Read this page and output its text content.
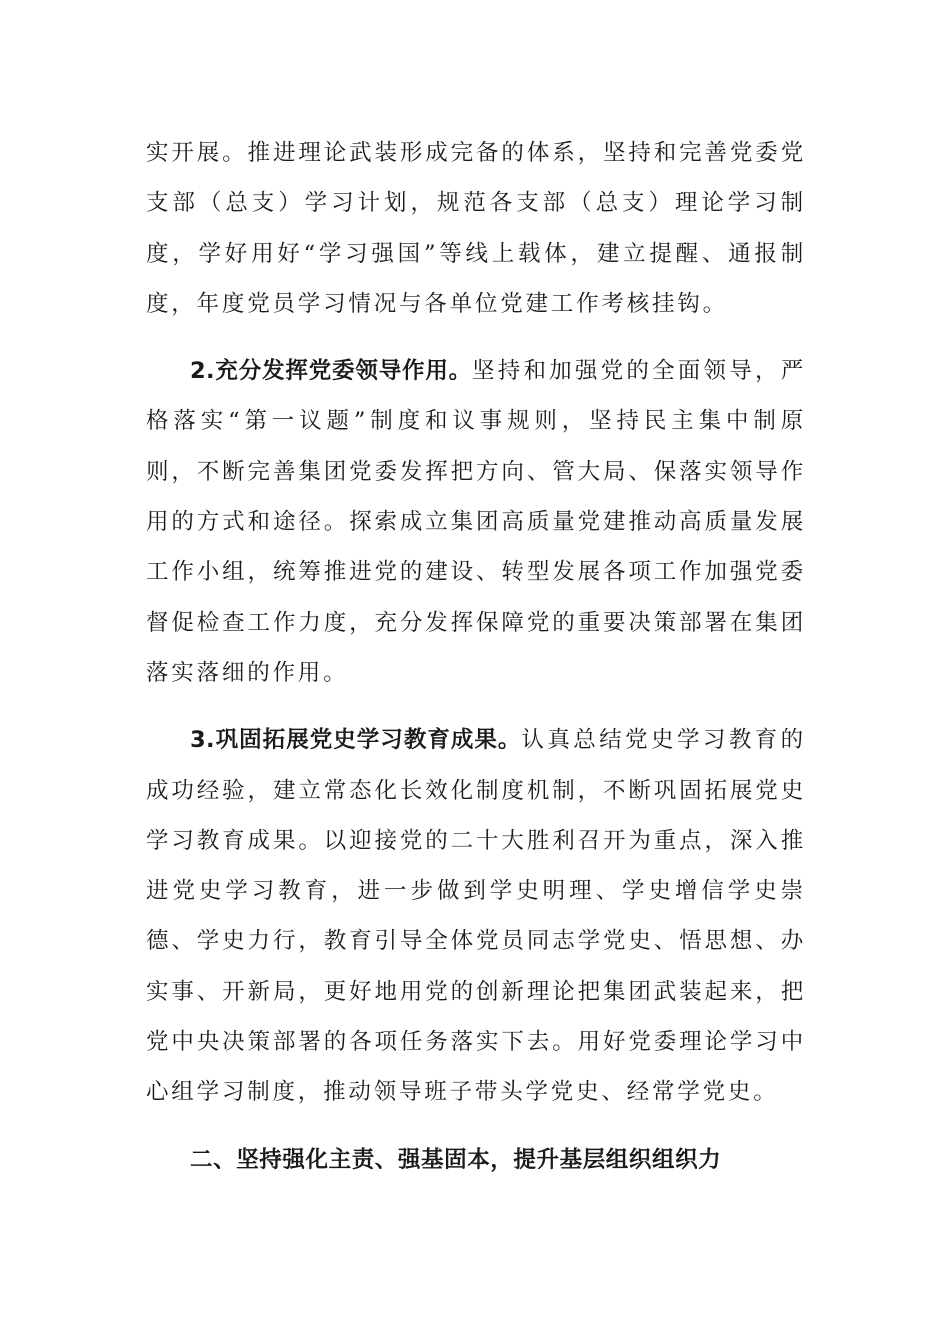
实开展。推进理论武装形成完备的体系，坚持和完善党委党支部（总支）学习计划，规范各支部（总支）理论学习制度，学好用好“学习强国”等线上载体，建立提醒、通报制度，年度党员学习情况与各单位党建工作考核挂钩。

2.充分发挥党委领导作用。坚持和加强党的全面领导，严格落实“第一议题”制度和议事规则，坚持民主集中制原则，不断完善集团党委发挥把方向、管大局、保落实领导作用的方式和途径。探索成立集团高质量党建推动高质量发展工作小组，统筹推进党的建设、转型发展各项工作加强党委督促检查工作力度，充分发挥保障党的重要决策部署在集团落实落细的作用。

3.巩固拓展党史学习教育成果。认真总结党史学习教育的成功经验，建立常态化长效化制度机制，不断巩固拓展党史学习教育成果。以迎接党的二十大胜利召开为重点，深入推进党史学习教育，进一步做到学史明理、学史增信学史崇德、学史力行，教育引导全体党员同志学党史、悟思想、办实事、开新局，更好地用党的创新理论把集团武装起来，把党中央决策部署的各项任务落实下去。用好党委理论学习中心组学习制度，推动领导班子带头学党史、经常学党史。

二、坚持强化主责、强基固本，提升基层组织组织力
